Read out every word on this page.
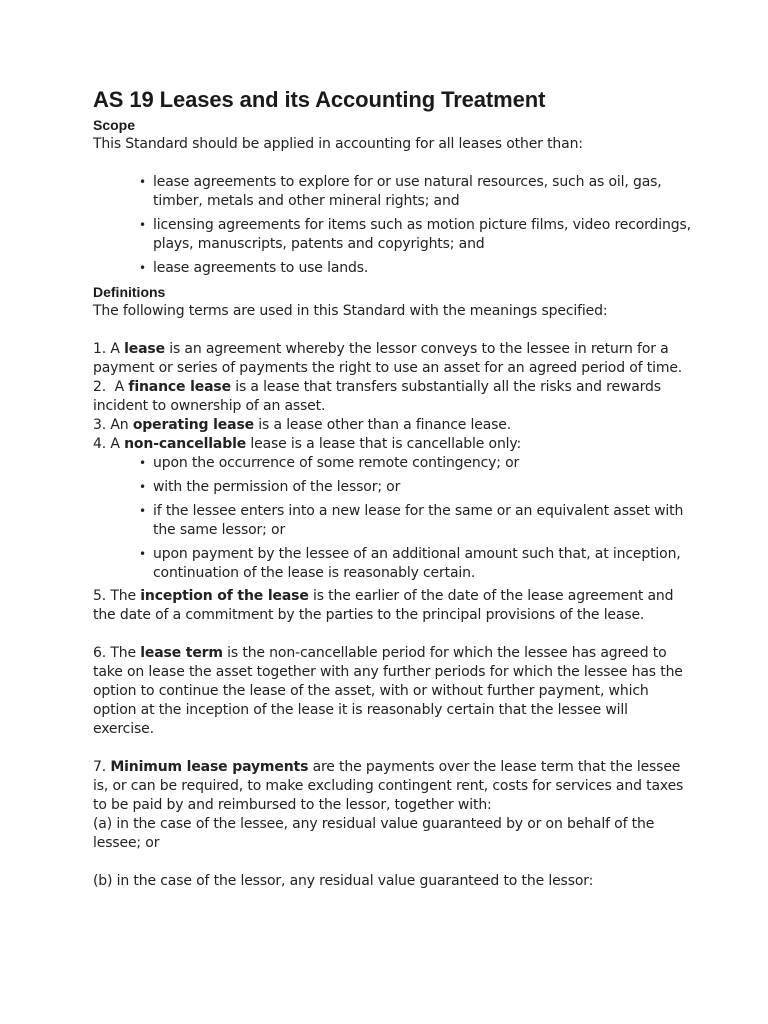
AS 19 Leases and its Accounting Treatment
Scope

This Standard should be applied in accounting for all leases other than:

• lease agreements to explore for or use natural resources, such as oil, gas, timber, metals and other mineral rights; and
• licensing agreements for items such as motion picture films, video recordings, plays, manuscripts, patents and copyrights; and
• lease agreements to use lands.
Definitions

The following terms are used in this Standard with the meanings specified:

1. A lease is an agreement whereby the lessor conveys to the lessee in return for a payment or series of payments the right to use an asset for an agreed period of time.

2.  A finance lease is a lease that transfers substantially all the risks and rewards incident to ownership of an asset.

3. An operating lease is a lease other than a finance lease.

4. A non-cancellable lease is a lease that is cancellable only:

• upon the occurrence of some remote contingency; or
• with the permission of the lessor; or
• if the lessee enters into a new lease for the same or an equivalent asset with the same lessor; or
• upon payment by the lessee of an additional amount such that, at inception, continuation of the lease is reasonably certain.

5. The inception of the lease is the earlier of the date of the lease agreement and the date of a commitment by the parties to the principal provisions of the lease.

6. The lease term is the non-cancellable period for which the lessee has agreed to take on lease the asset together with any further periods for which the lessee has the option to continue the lease of the asset, with or without further payment, which option at the inception of the lease it is reasonably certain that the lessee will exercise.

7. Minimum lease payments are the payments over the lease term that the lessee is, or can be required, to make excluding contingent rent, costs for services and taxes to be paid by and reimbursed to the lessor, together with:

(a) in the case of the lessee, any residual value guaranteed by or on behalf of the lessee; or

(b) in the case of the lessor, any residual value guaranteed to the lessor:
